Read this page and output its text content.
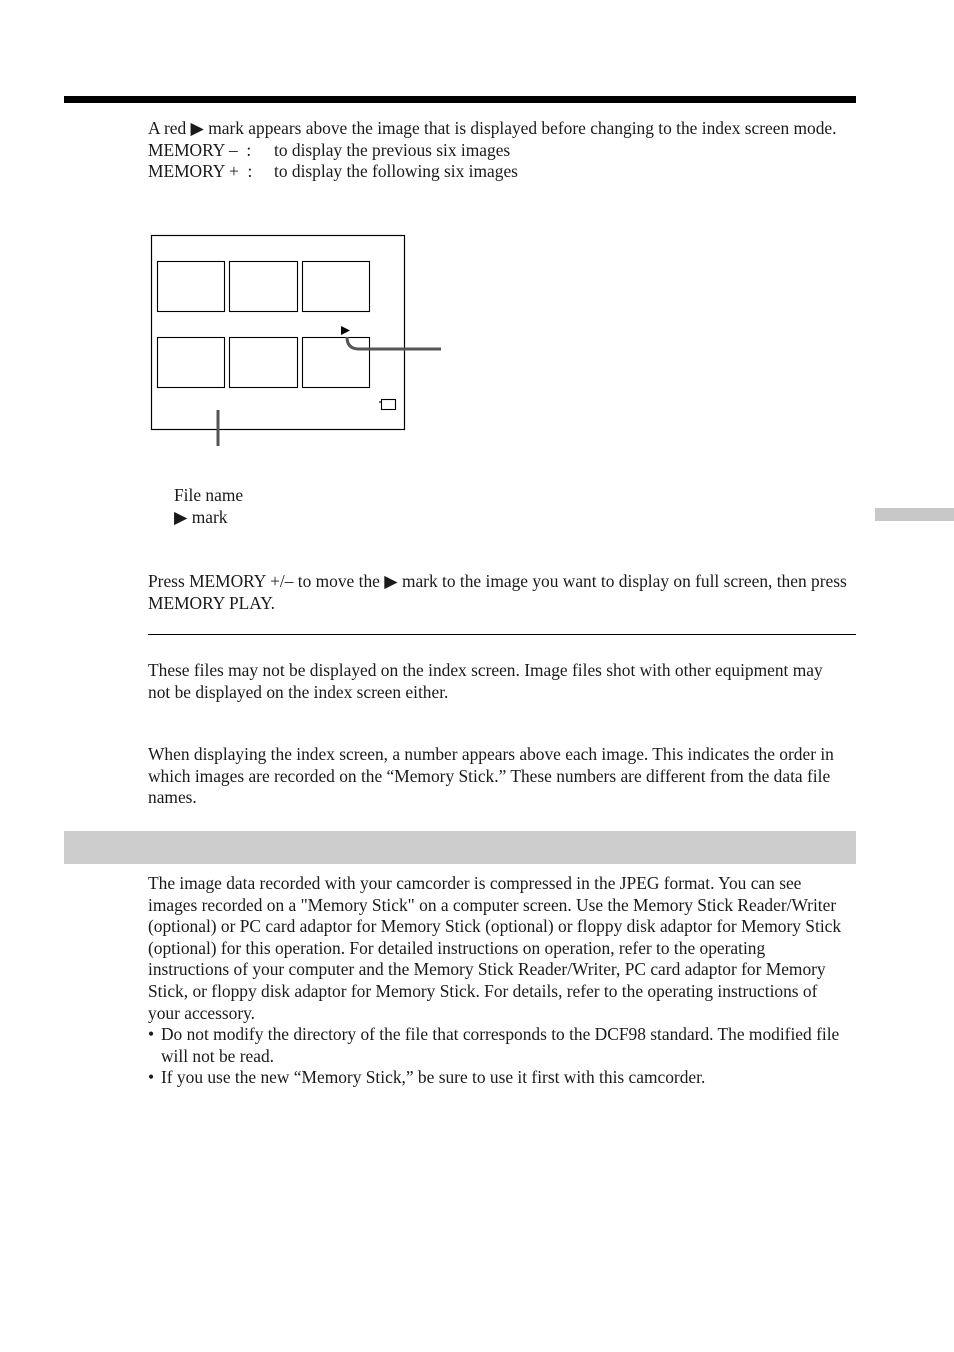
A red ▶ mark appears above the image that is displayed before changing to the index screen mode.

MEMORY –  :	to display the previous six images
MEMORY +  :	to display the following six images
File name
▶ mark

Press MEMORY +/– to move the ▶ mark to the image you want to display on full screen, then press MEMORY PLAY.

These files may not be displayed on the index screen. Image files shot with other equipment may not be displayed on the index screen either.

When displaying the index screen, a number appears above each image. This indicates the order in which images are recorded on the “Memory Stick.” These numbers are different from the data file names.

The image data recorded with your camcorder is compressed in the JPEG format. You can see images recorded on a "Memory Stick" on a computer screen. Use the Memory Stick Reader/Writer (optional) or PC card adaptor for Memory Stick (optional) or floppy disk adaptor for Memory Stick (optional) for this operation. For detailed instructions on operation, refer to the operating instructions of your computer and the Memory Stick Reader/Writer, PC card adaptor for Memory Stick, or floppy disk adaptor for Memory Stick. For details, refer to the operating instructions of your accessory.

• Do not modify the directory of the file that corresponds to the DCF98 standard. The modified file will not be read.
• If you use the new “Memory Stick,” be sure to use it first with this camcorder.
